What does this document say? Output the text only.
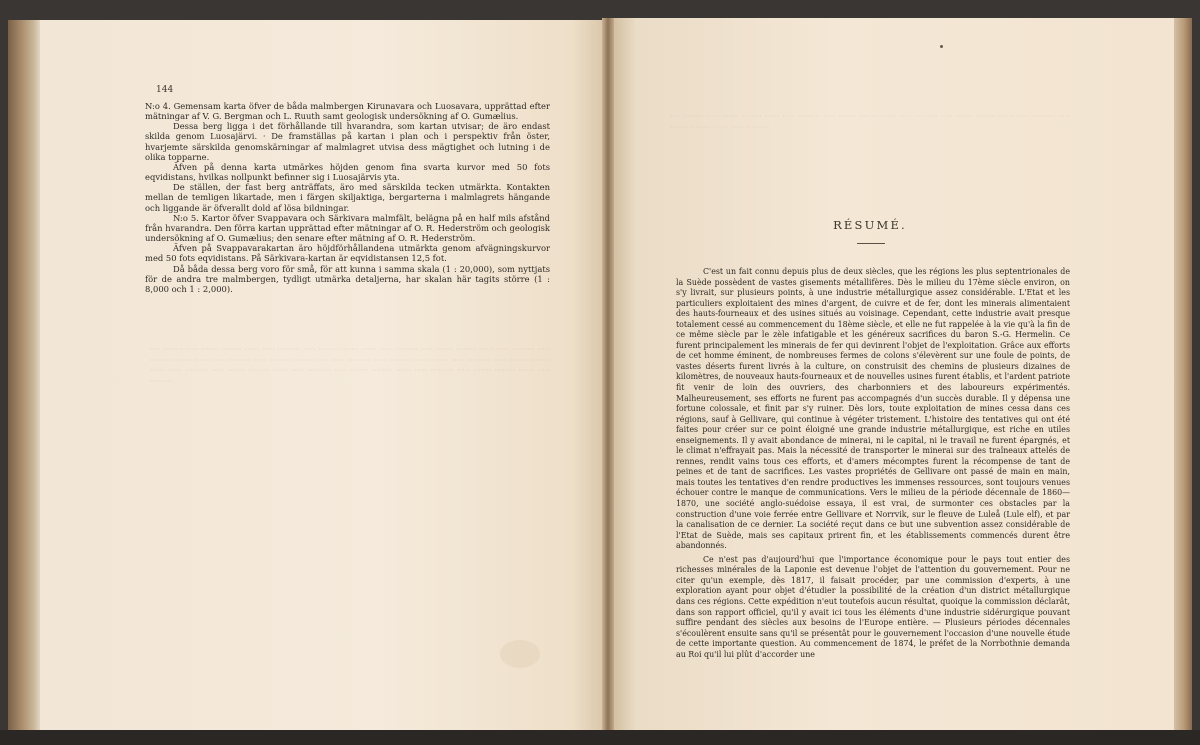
···· ········ ····· ······· ········ ······ ····· ········· ····· ······· ········ ······ ····· ········· ····· ······· ········ ······ ····· ········· ····· ······· ········ ······ ····· ········· ····· ······· ········ ······ ····· ········· ····· ······· ········ ······ ····· ········· ····· ······· ········ ······ ····· ········· ····· ······· ········ ······ ····· ········· ····· ······· ········ ······ ····· ········· ····· ······· ········ ······ ····· ·········
···· ········ ····· ······· ········ ······ ····· ········· ····· ······· ········ ······ ····· ········· ····· ······· ········ ······ ····· ········· ····· ······· ········ ······ ····· ·········

144

N:o 4. Gemensam karta öfver de båda malmbergen Kirunavara och Luosavara, upprättad efter mätningar af V. G. Bergman och L. Ruuth samt geologisk undersökning af O. Gumælius.

Dessa berg ligga i det förhållande till hvarandra, som kartan utvisar; de äro endast skilda genom Luosajärvi. · De framställas på kartan i plan och i perspektiv från öster, hvarjemte särskilda genomskärningar af malmlagret utvisa dess mägtighet och lutning i de olika topparne.

Äfven på denna karta utmärkes höjden genom fina svarta kurvor med 50 fots eqvidistans, hvilkas nollpunkt befinner sig i Luosajärvis yta.

De ställen, der fast berg anträffats, äro med särskilda tecken utmärkta. Kontakten mellan de temligen likartade, men i färgen skiljaktiga, bergarterna i malmlagrets hängande och liggande är öfverallt dold af lösa bildningar.

N:o 5. Kartor öfver Svappavara och Särkivara malmfält, belägna på en half mils afstånd från hvarandra. Den förra kartan upprättad efter mätningar af O. R. Hederström och geologisk undersökning af O. Gumælius; den senare efter mätning af O. R. Hederström.

Äfven på Svappavarakartan äro höjdförhållandena utmärkta genom afvägningskurvor med 50 fots eqvidistans. På Särkivara-kartan är eqvidistansen 12,5 fot.

Då båda dessa berg voro för små, för att kunna i samma skala (1 : 20,000), som nyttjats för de andra tre malmbergen, tydligt utmärka detaljerna, har skalan här tagits större (1 : 8,000 och 1 : 2,000).

RÉSUMÉ.

C'est un fait connu depuis plus de deux siècles, que les régions les plus septentrionales de la Suède possèdent de vastes gisements métallifères. Dès le milieu du 17ème siècle environ, on s'y livrait, sur plusieurs points, à une industrie métallurgique assez considérable. L'Etat et les particuliers exploitaient des mines d'argent, de cuivre et de fer, dont les minerais alimentaient des hauts-fourneaux et des usines situés au voisinage. Cependant, cette industrie avait presque totalement cessé au commencement du 18ème siècle, et elle ne fut rappelée à la vie qu'à la fin de ce même siècle par le zèle infatigable et les généreux sacrifices du baron S.-G. Hermelin. Ce furent principalement les minerais de fer qui devinrent l'objet de l'exploitation. Grâce aux efforts de cet homme éminent, de nombreuses fermes de colons s'élevèrent sur une foule de points, de vastes déserts furent livrés à la culture, on construisit des chemins de plusieurs dizaines de kilomètres, de nouveaux hauts-fourneaux et de nouvelles usines furent établis, et l'ardent patriote fit venir de loin des ouvriers, des charbonniers et des laboureurs expérimentés. Malheureusement, ses efforts ne furent pas accompagnés d'un succès durable. Il y dépensa une fortune colossale, et finit par s'y ruiner. Dès lors, toute exploitation de mines cessa dans ces régions, sauf à Gellivare, qui continue à végéter tristement. L'histoire des tentatives qui ont été faites pour créer sur ce point éloigné une grande industrie métallurgique, est riche en utiles enseignements. Il y avait abondance de minerai, ni le capital, ni le travail ne furent épargnés, et le climat n'effrayait pas. Mais la nécessité de transporter le minerai sur des traîneaux attelés de rennes, rendit vains tous ces efforts, et d'amers mécomptes furent la récompense de tant de peines et de tant de sacrifices. Les vastes propriétés de Gellivare ont passé de main en main, mais toutes les tentatives d'en rendre productives les immenses ressources, sont toujours venues échouer contre le manque de communications. Vers le milieu de la période décennale de 1860—1870, une société anglo-suédoise essaya, il est vrai, de surmonter ces obstacles par la construction d'une voie ferrée entre Gellivare et Norrvik, sur le fleuve de Luleå (Lule elf), et par la canalisation de ce dernier. La société reçut dans ce but une subvention assez considérable de l'Etat de Suède, mais ses capitaux prirent fin, et les établissements commencés durent être abandonnés.

Ce n'est pas d'aujourd'hui que l'importance économique pour le pays tout entier des richesses minérales de la Laponie est devenue l'objet de l'attention du gouvernement. Pour ne citer qu'un exemple, dès 1817, il faisait procéder, par une commission d'experts, à une exploration ayant pour objet d'étudier la possibilité de la création d'un district métallurgique dans ces régions. Cette expédition n'eut toutefois aucun résultat, quoique la commission déclarât, dans son rapport officiel, qu'il y avait ici tous les éléments d'une industrie sidérurgique pouvant suffire pendant des siècles aux besoins de l'Europe entière. — Plusieurs périodes décennales s'écoulèrent ensuite sans qu'il se présentât pour le gouvernement l'occasion d'une nouvelle étude de cette importante question. Au commencement de 1874, le préfet de la Norrbothnie demanda au Roi qu'il lui plût d'accorder une
